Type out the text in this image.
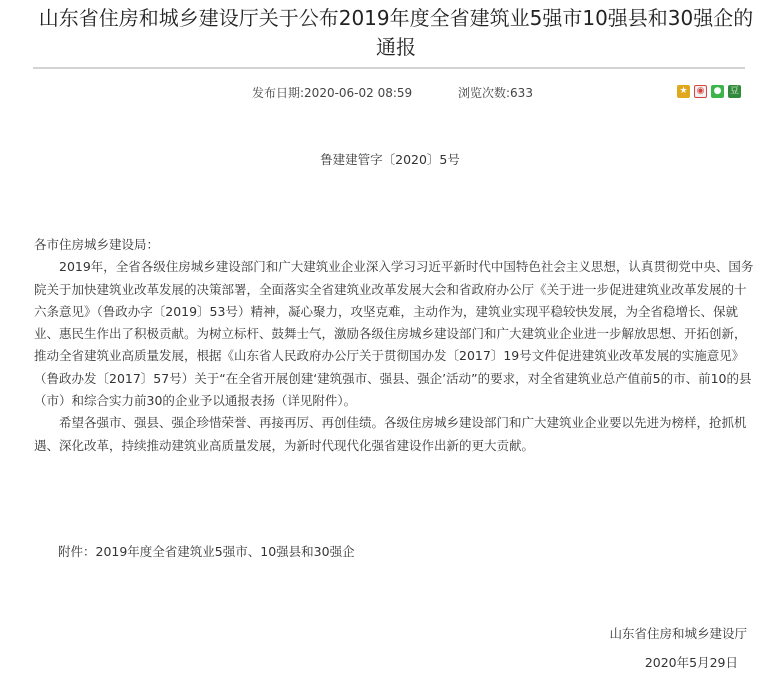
山东省住房和城乡建设厅关于公布2019年度全省建筑业5强市10强县和30强企的通报
发布日期:2020-06-02 08:59	浏览次数:633	★ ◉ ● 豆
鲁建建管字〔2020〕5号

各市住房城乡建设局：

2019年，全省各级住房城乡建设部门和广大建筑业企业深入学习习近平新时代中国特色社会主义思想，认真贯彻党中央、国务院关于加快建筑业改革发展的决策部署，全面落实全省建筑业改革发展大会和省政府办公厅《关于进一步促进建筑业改革发展的十六条意见》（鲁政办字〔2019〕53号）精神，凝心聚力，攻坚克难，主动作为，建筑业实现平稳较快发展，为全省稳增长、保就业、惠民生作出了积极贡献。为树立标杆、鼓舞士气，激励各级住房城乡建设部门和广大建筑业企业进一步解放思想、开拓创新，推动全省建筑业高质量发展，根据《山东省人民政府办公厅关于贯彻国办发〔2017〕19号文件促进建筑业改革发展的实施意见》（鲁政办发〔2017〕57号）关于“在全省开展创建‘建筑强市、强县、强企’活动”的要求，对全省建筑业总产值前5的市、前10的县（市）和综合实力前30的企业予以通报表扬（详见附件）。

希望各强市、强县、强企珍惜荣誉、再接再厉、再创佳绩。各级住房城乡建设部门和广大建筑业企业要以先进为榜样，抢抓机遇、深化改革，持续推动建筑业高质量发展，为新时代现代化强省建设作出新的更大贡献。

附件：2019年度全省建筑业5强市、10强县和30强企
山东省住房和城乡建设厅
2020年5月29日
